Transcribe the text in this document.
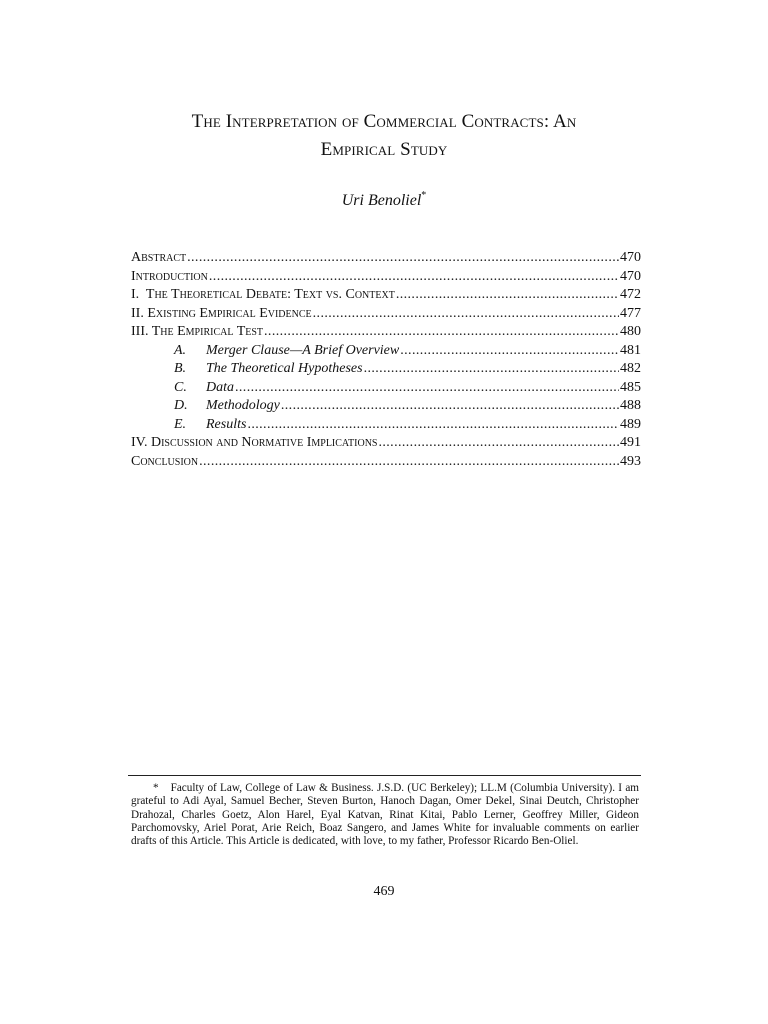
The Interpretation of Commercial Contracts: An
Empirical Study
Uri Benoliel*
Abstract .....	470
Introduction .....	470
I.  The Theoretical Debate: Text vs. Context .....	472
II. Existing Empirical Evidence .....	477
III. The Empirical Test .....	480
A.	Merger Clause—A Brief Overview .....	481
B.	The Theoretical Hypotheses .....	482
C.	Data .....	485
D.	Methodology .....	488
E.	Results .....	489
IV. Discussion and Normative Implications .....	491
Conclusion .....	493

* Faculty of Law, College of Law & Business. J.S.D. (UC Berkeley); LL.M (Columbia University). I am grateful to Adi Ayal, Samuel Becher, Steven Burton, Hanoch Dagan, Omer Dekel, Sinai Deutch, Christopher Drahozal, Charles Goetz, Alon Harel, Eyal Katvan, Rinat Kitai, Pablo Lerner, Geoffrey Miller, Gideon Parchomovsky, Ariel Porat, Arie Reich, Boaz Sangero, and James White for invaluable comments on earlier drafts of this Article. This Article is dedicated, with love, to my father, Professor Ricardo Ben-Oliel.

469
